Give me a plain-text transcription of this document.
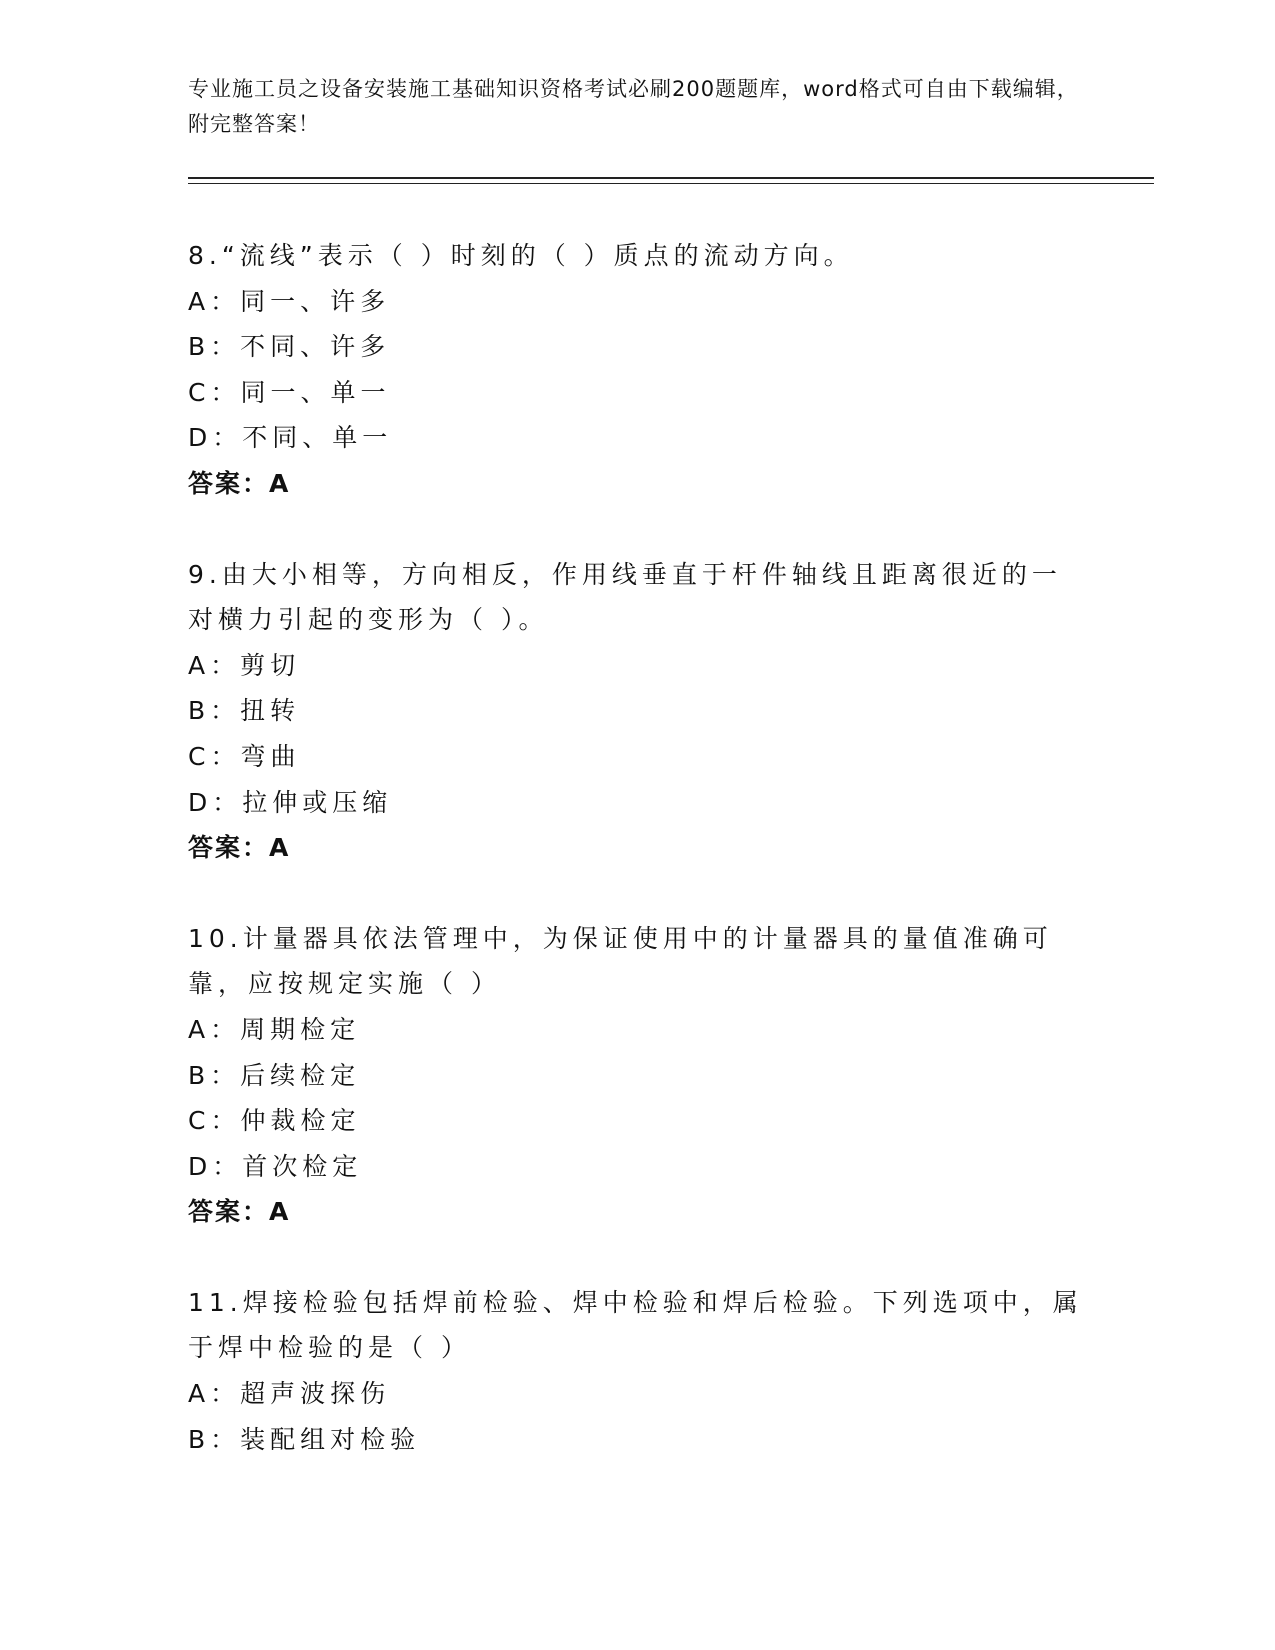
专业施工员之设备安装施工基础知识资格考试必刷200题题库，word格式可自由下载编辑，附完整答案！
8.“流线”表示（ ）时刻的（ ）质点的流动方向。
A：同一、许多
B：不同、许多
C：同一、单一
D：不同、单一
答案：A
9.由大小相等，方向相反，作用线垂直于杆件轴线且距离很近的一对横力引起的变形为（ ）。
A：剪切
B：扭转
C：弯曲
D：拉伸或压缩
答案：A
10.计量器具依法管理中，为保证使用中的计量器具的量值准确可靠，应按规定实施（ ）
A：周期检定
B：后续检定
C：仲裁检定
D：首次检定
答案：A
11.焊接检验包括焊前检验、焊中检验和焊后检验。下列选项中，属于焊中检验的是（ ）
A：超声波探伤
B：装配组对检验
